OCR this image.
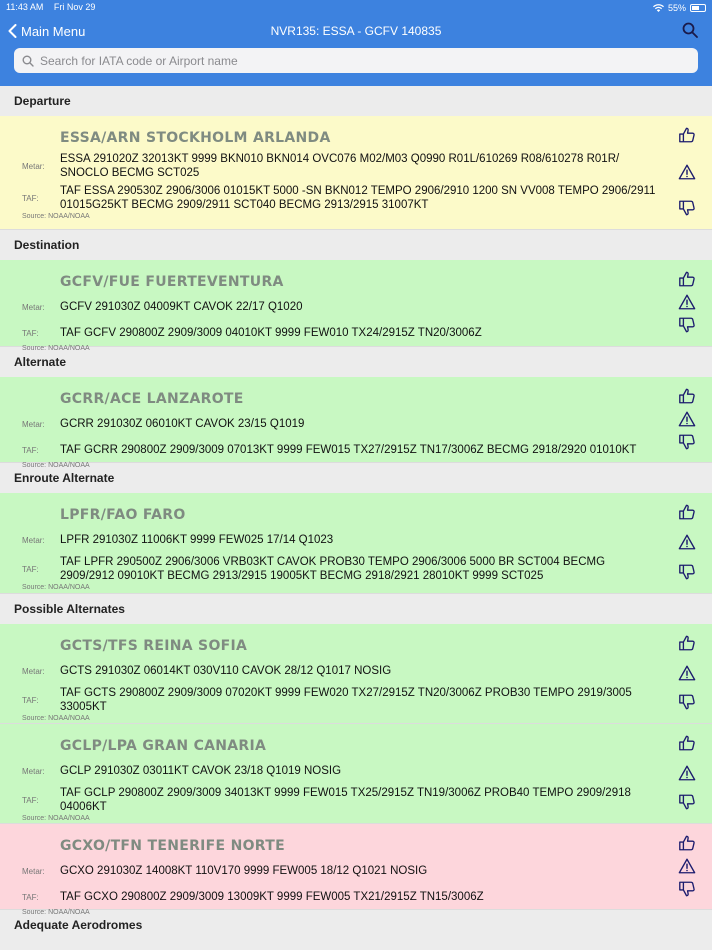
11:43 AM Fri Nov 29	55%
Main Menu	NVR135: ESSA - GCFV 140835
Search for IATA code or Airport name
Departure
ESSA/ARN STOCKHOLM ARLANDA
Metar:
ESSA 291020Z 32013KT 9999 BKN010 BKN014 OVC076 M02/M03 Q0990 R01L/610269 R08/610278 R01R/ SNOCLO BECMG SCT025
TAF:
TAF ESSA 290530Z 2906/3006 01015KT 5000 -SN BKN012 TEMPO 2906/2910 1200 SN VV008 TEMPO 2906/2911 01015G25KT BECMG 2909/2911 SCT040 BECMG 2913/2915 31007KT
Source: NOAA/NOAA
Destination
GCFV/FUE FUERTEVENTURA
Metar:	GCFV 291030Z 04009KT CAVOK 22/17 Q1020
TAF:	TAF GCFV 290800Z 2909/3009 04010KT 9999 FEW010 TX24/2915Z TN20/3006Z
Source: NOAA/NOAA
Alternate
GCRR/ACE LANZAROTE
Metar:	GCRR 291030Z 06010KT CAVOK 23/15 Q1019
TAF:	TAF GCRR 290800Z 2909/3009 07013KT 9999 FEW015 TX27/2915Z TN17/3006Z BECMG 2918/2920 01010KT
Source: NOAA/NOAA
Enroute Alternate
LPFR/FAO FARO
Metar:	LPFR 291030Z 11006KT 9999 FEW025 17/14 Q1023
TAF:
TAF LPFR 290500Z 2906/3006 VRB03KT CAVOK PROB30 TEMPO 2906/3006 5000 BR SCT004 BECMG 2909/2912 09010KT BECMG 2913/2915 19005KT BECMG 2918/2921 28010KT 9999 SCT025
Source: NOAA/NOAA
Possible Alternates
GCTS/TFS REINA SOFIA
Metar:	GCTS 291030Z 06014KT 030V110 CAVOK 28/12 Q1017 NOSIG
TAF:
TAF GCTS 290800Z 2909/3009 07020KT 9999 FEW020 TX27/2915Z TN20/3006Z PROB30 TEMPO 2919/3005 33005KT
Source: NOAA/NOAA
GCLP/LPA GRAN CANARIA
Metar:	GCLP 291030Z 03011KT CAVOK 23/18 Q1019 NOSIG
TAF:
TAF GCLP 290800Z 2909/3009 34013KT 9999 FEW015 TX25/2915Z TN19/3006Z PROB40 TEMPO 2909/2918 04006KT
Source: NOAA/NOAA
GCXO/TFN TENERIFE NORTE
Metar:	GCXO 291030Z 14008KT 110V170 9999 FEW005 18/12 Q1021 NOSIG
TAF:	TAF GCXO 290800Z 2909/3009 13009KT 9999 FEW005 TX21/2915Z TN15/3006Z
Source: NOAA/NOAA
Adequate Aerodromes
